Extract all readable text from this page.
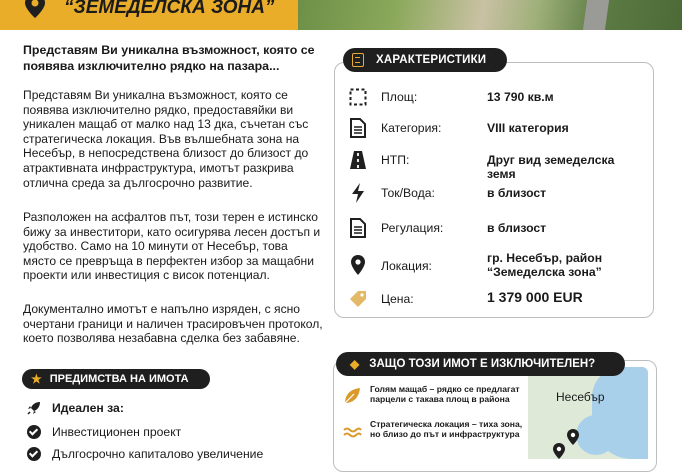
“ЗЕМЕДЕЛСКА ЗОНА”
Представям Ви уникална възможност, която се появява изключително рядко на пазара...
Представям Ви уникална възможност, която се появява изключително рядко, предоставяйки ви уникален мащаб от малко над 13 дка, съчетан със стратегическа локация. Във вълшебната зона на Несебър, в непосредствена близост до близост до атрактивната инфраструктура, имотът разкрива отлична среда за дългосрочно развитие.
Разположен на асфалтов път, този терен е истинско бижу за инвеститори, като осигурява лесен достъп и удобство. Само на 10 минути от Несебър, това място се превръща в перфектен избор за мащабни проекти или инвестиция с висок потенциал.
Документално имотът е напълно изряден, с ясно очертани граници и наличен трасировъчен протокол, което позволява незабавна сделка без забавяне.
★ ПРЕДИМСТВА НА ИМОТА
Идеален за:
Инвестиционен проект
Дългосрочно капиталово увеличение
ХАРАКТЕРИСТИКИ
Площ:	13 790 кв.м
Категория:	VIII категория
НТП:	Друг вид земеделска земя
Ток/Вода:	в близост
Регулация:	в близост
Локация:
гр. Несебър, район “Земеделска зона”
Цена:	1 379 000 EUR
Несебър
◆ ЗАЩО ТОЗИ ИМОТ Е ИЗКЛЮЧИТЕЛЕН?
Голям мащаб – рядко се предлагат парцели с такава площ в района
Стратегическа локация – тиха зона, но близо до път и инфраструктура
